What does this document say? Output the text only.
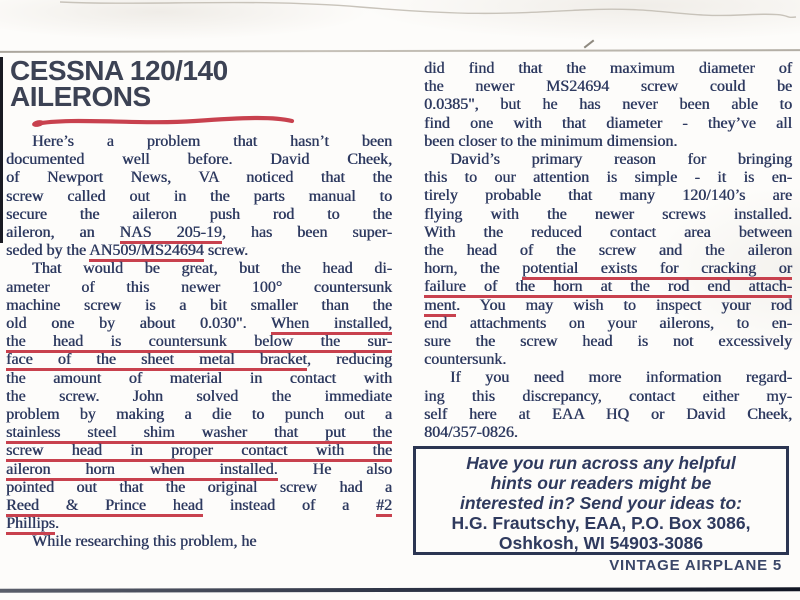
CESSNA 120/140
AILERONS
Here’s a problem that hasn’t been
documented well before. David Cheek,
of Newport News, VA noticed that the
screw called out in the parts manual to
secure the aileron push rod to the
aileron, an NAS 205-19, has been super-
seded by the AN509/MS24694 screw.
That would be great, but the head di-
ameter of this newer 100° countersunk
machine screw is a bit smaller than the
old one by about 0.030". When installed,
the head is countersunk below the sur-
face of the sheet metal bracket, reducing
the amount of material in contact with
the screw. John solved the immediate
problem by making a die to punch out a
stainless steel shim washer that put the
screw head in proper contact with the
aileron horn when installed. He also
pointed out that the original screw had a
Reed & Prince head instead of a #2
Phillips.
While researching this problem, he
did find that the maximum diameter of
the newer MS24694 screw could be
0.0385", but he has never been able to
find one with that diameter - they’ve all
been closer to the minimum dimension.
David’s primary reason for bringing
this to our attention is simple - it is en-
tirely probable that many 120/140’s are
flying with the newer screws installed.
With the reduced contact area between
the head of the screw and the aileron
horn, the potential exists for cracking or
failure of the horn at the rod end attach-
ment. You may wish to inspect your rod
end attachments on your ailerons, to en-
sure the screw head is not excessively
countersunk.
If you need more information regard-
ing this discrepancy, contact either my-
self here at EAA HQ or David Cheek,
804/357-0826.
Have you run across any helpful
hints our readers might be
interested in? Send your ideas to:
H.G. Frautschy, EAA, P.O. Box 3086,
Oshkosh, WI 54903-3086
VINTAGE AIRPLANE 5
